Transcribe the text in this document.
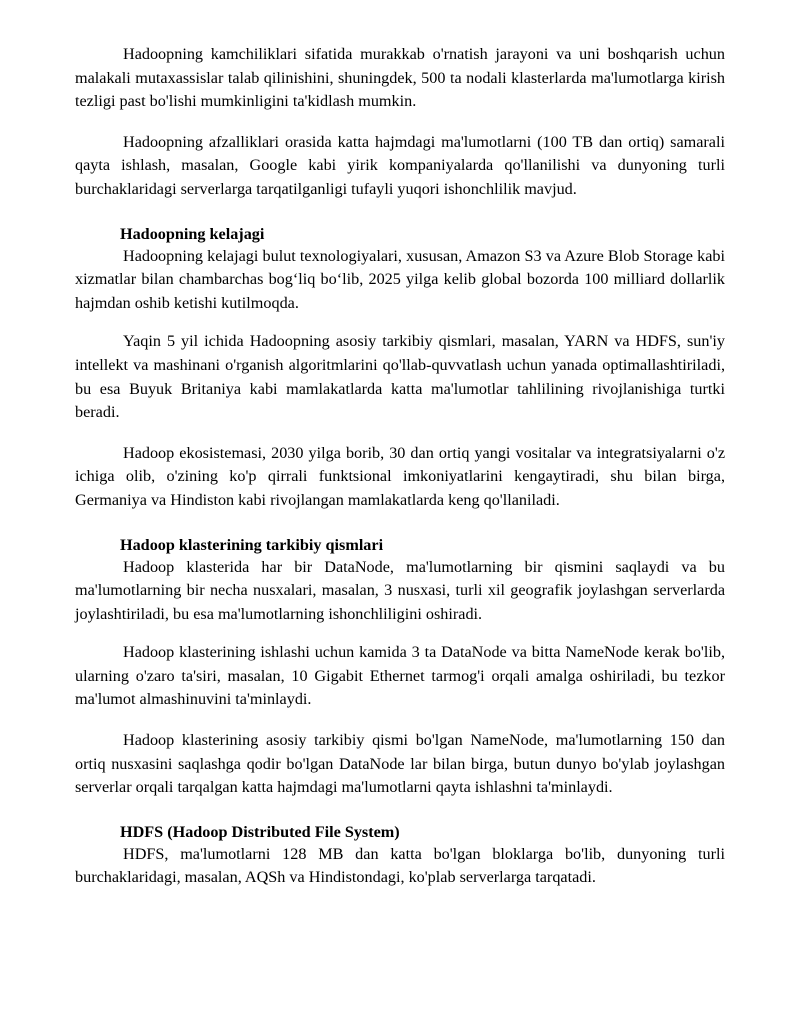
Hadoopning kamchiliklari sifatida murakkab o'rnatish jarayoni va uni boshqarish uchun malakali mutaxassislar talab qilinishini, shuningdek, 500 ta nodali klasterlarda ma'lumotlarga kirish tezligi past bo'lishi mumkinligini ta'kidlash mumkin.

Hadoopning afzalliklari orasida katta hajmdagi ma'lumotlarni (100 TB dan ortiq) samarali qayta ishlash, masalan, Google kabi yirik kompaniyalarda qo'llanilishi va dunyoning turli burchaklaridagi serverlarga tarqatilganligi tufayli yuqori ishonchlilik mavjud.

Hadoopning kelajagi

Hadoopning kelajagi bulut texnologiyalari, xususan, Amazon S3 va Azure Blob Storage kabi xizmatlar bilan chambarchas bog‘liq bo‘lib, 2025 yilga kelib global bozorda 100 milliard dollarlik hajmdan oshib ketishi kutilmoqda.

Yaqin 5 yil ichida Hadoopning asosiy tarkibiy qismlari, masalan, YARN va HDFS, sun'iy intellekt va mashinani o'rganish algoritmlarini qo'llab-quvvatlash uchun yanada optimallashtiriladi, bu esa Buyuk Britaniya kabi mamlakatlarda katta ma'lumotlar tahlilining rivojlanishiga turtki beradi.

Hadoop ekosistemasi, 2030 yilga borib, 30 dan ortiq yangi vositalar va integratsiyalarni o'z ichiga olib, o'zining ko'p qirrali funktsional imkoniyatlarini kengaytiradi, shu bilan birga, Germaniya va Hindiston kabi rivojlangan mamlakatlarda keng qo'llaniladi.

Hadoop klasterining tarkibiy qismlari

Hadoop klasterida har bir DataNode, ma'lumotlarning bir qismini saqlaydi va bu ma'lumotlarning bir necha nusxalari, masalan, 3 nusxasi, turli xil geografik joylashgan serverlarda joylashtiriladi, bu esa ma'lumotlarning ishonchliligini oshiradi.

Hadoop klasterining ishlashi uchun kamida 3 ta DataNode va bitta NameNode kerak bo'lib, ularning o'zaro ta'siri, masalan, 10 Gigabit Ethernet tarmog'i orqali amalga oshiriladi, bu tezkor ma'lumot almashinuvini ta'minlaydi.

Hadoop klasterining asosiy tarkibiy qismi bo'lgan NameNode, ma'lumotlarning 150 dan ortiq nusxasini saqlashga qodir bo'lgan DataNode lar bilan birga, butun dunyo bo'ylab joylashgan serverlar orqali tarqalgan katta hajmdagi ma'lumotlarni qayta ishlashni ta'minlaydi.

HDFS (Hadoop Distributed File System)

HDFS, ma'lumotlarni 128 MB dan katta bo'lgan bloklarga bo'lib, dunyoning turli burchaklaridagi, masalan, AQSh va Hindistondagi, ko'plab serverlarga tarqatadi.
